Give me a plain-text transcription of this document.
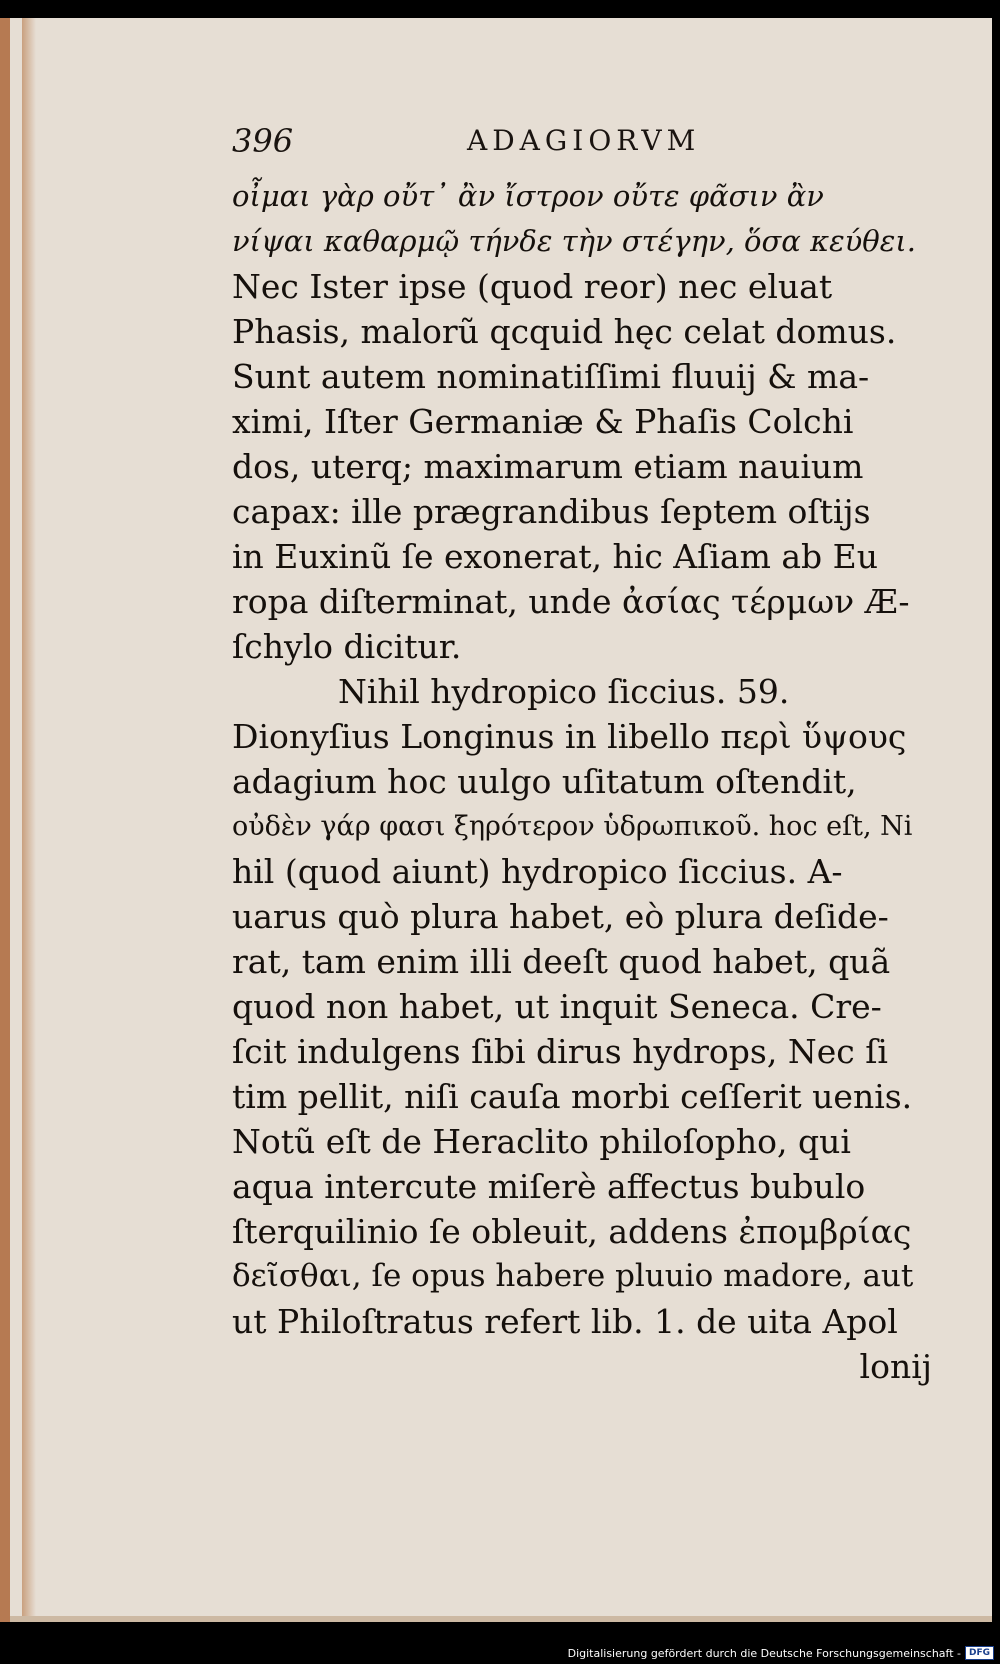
396	ADAGIORVM
οἶμαι γὰρ οὔτ᾽ ἂν ἴστρον οὔτε φᾶσιν ἂν
νίψαι καθαρμῷ τήνδε τὴν στέγην, ὅσα κεύθει.
Nec Ister ipse (quod reor) nec eluat
Phasis, malorũ qcquid hęc celat domus.
Sunt autem nominatiſſimi fluuij & ma-
ximi, Iſter Germaniæ & Phaſis Colchi
dos, uterq; maximarum etiam nauium
capax: ille prægrandibus ſeptem oſtijs
in Euxinũ ſe exonerat, hic Aſiam ab Eu
ropa diſterminat, unde ἀσίας τέρμων Æ-
ſchylo dicitur.
Nihil hydropico ſiccius. 59.
Dionyſius Longinus in libello περὶ ὕψους
adagium hoc uulgo uſitatum oſtendit,
οὐδὲν γάρ φασι ξηρότερον ὑδρωπικοῦ. hoc eſt, Ni
hil (quod aiunt) hydropico ſiccius. A-
uarus quò plura habet, eò plura deſide-
rat, tam enim illi deeſt quod habet, quã
quod non habet, ut inquit Seneca. Cre-
ſcit indulgens ſibi dirus hydrops, Nec ſi
tim pellit, niſi cauſa morbi ceſſerit uenis.
Notũ eſt de Heraclito philoſopho, qui
aqua intercute miſerè affectus bubulo
ſterquilinio ſe obleuit, addens ἐπομβρίας
δεῖσθαι, ſe opus habere pluuio madore, aut
ut Philoſtratus refert lib. 1. de uita Apol
lonij
Digitalisierung gefördert durch die Deutsche Forschungsgemeinschaft - DFG
